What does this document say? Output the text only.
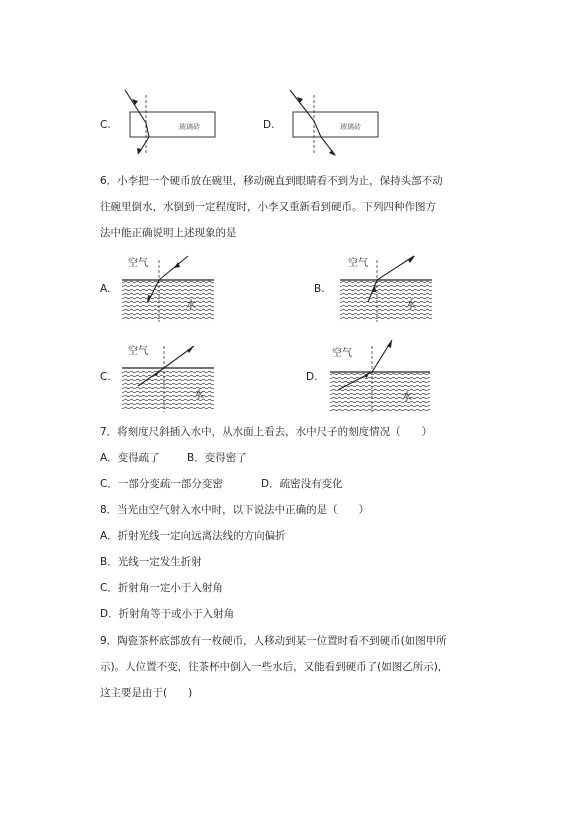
C.	玻璃砖	D.	玻璃砖
6．小李把一个硬币放在碗里，移动碗直到眼睛看不到为止，保持头部不动
往碗里倒水，水倒到一定程度时，小李又重新看到硬币。下列四种作图方
法中能正确说明上述现象的是
A.
空气
水
B.
空气
水
C.
空气
水
D.
空气
水
7．将刻度尺斜插入水中，从水面上看去，水中尺子的刻度情况（　　）
A．变得疏了	B．变得密了
C．一部分变疏一部分变密	D．疏密没有变化
8．当光由空气射入水中时，以下说法中正确的是（　　）
A．折射光线一定向远离法线的方向偏折
B．光线一定发生折射
C．折射角一定小于入射角
D．折射角等于或小于入射角
9．陶瓷茶杯底部放有一枚硬币，人移动到某一位置时看不到硬币(如图甲所
示)。人位置不变，往茶杯中倒入一些水后，又能看到硬币了(如图乙所示)，
这主要是由于(　　)
